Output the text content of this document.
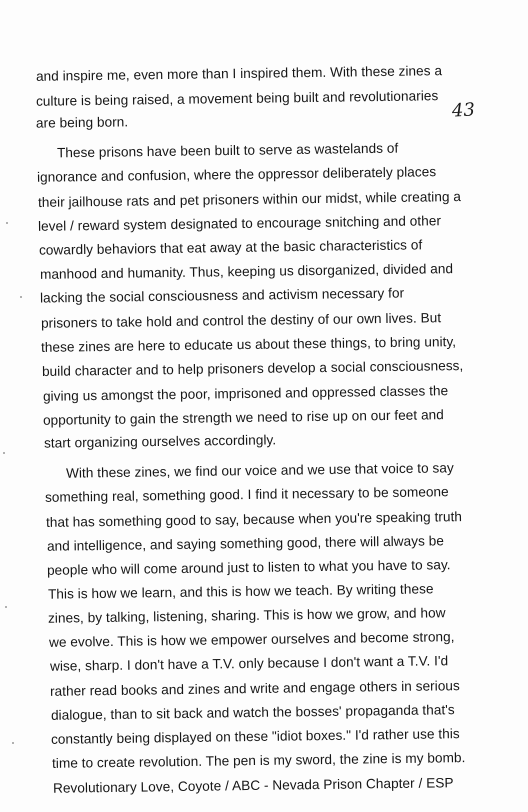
43
and inspire me, even more than I inspired them. With these zines a
culture is being raised, a movement being built and revolutionaries
are being born.
These prisons have been built to serve as wastelands of
ignorance and confusion, where the oppressor deliberately places
their jailhouse rats and pet prisoners within our midst, while creating a
level / reward system designated to encourage snitching and other
cowardly behaviors that eat away at the basic characteristics of
manhood and humanity. Thus, keeping us disorganized, divided and
lacking the social consciousness and activism necessary for
prisoners to take hold and control the destiny of our own lives. But
these zines are here to educate us about these things, to bring unity,
build character and to help prisoners develop a social consciousness,
giving us amongst the poor, imprisoned and oppressed classes the
opportunity to gain the strength we need to rise up on our feet and
start organizing ourselves accordingly.
With these zines, we find our voice and we use that voice to say
something real, something good. I find it necessary to be someone
that has something good to say, because when you're speaking truth
and intelligence, and saying something good, there will always be
people who will come around just to listen to what you have to say.
This is how we learn, and this is how we teach. By writing these
zines, by talking, listening, sharing. This is how we grow, and how
we evolve. This is how we empower ourselves and become strong,
wise, sharp. I don't have a T.V. only because I don't want a T.V. I'd
rather read books and zines and write and engage others in serious
dialogue, than to sit back and watch the bosses' propaganda that's
constantly being displayed on these "idiot boxes." I'd rather use this
time to create revolution. The pen is my sword, the zine is my bomb.
Revolutionary Love, Coyote / ABC - Nevada Prison Chapter / ESP
